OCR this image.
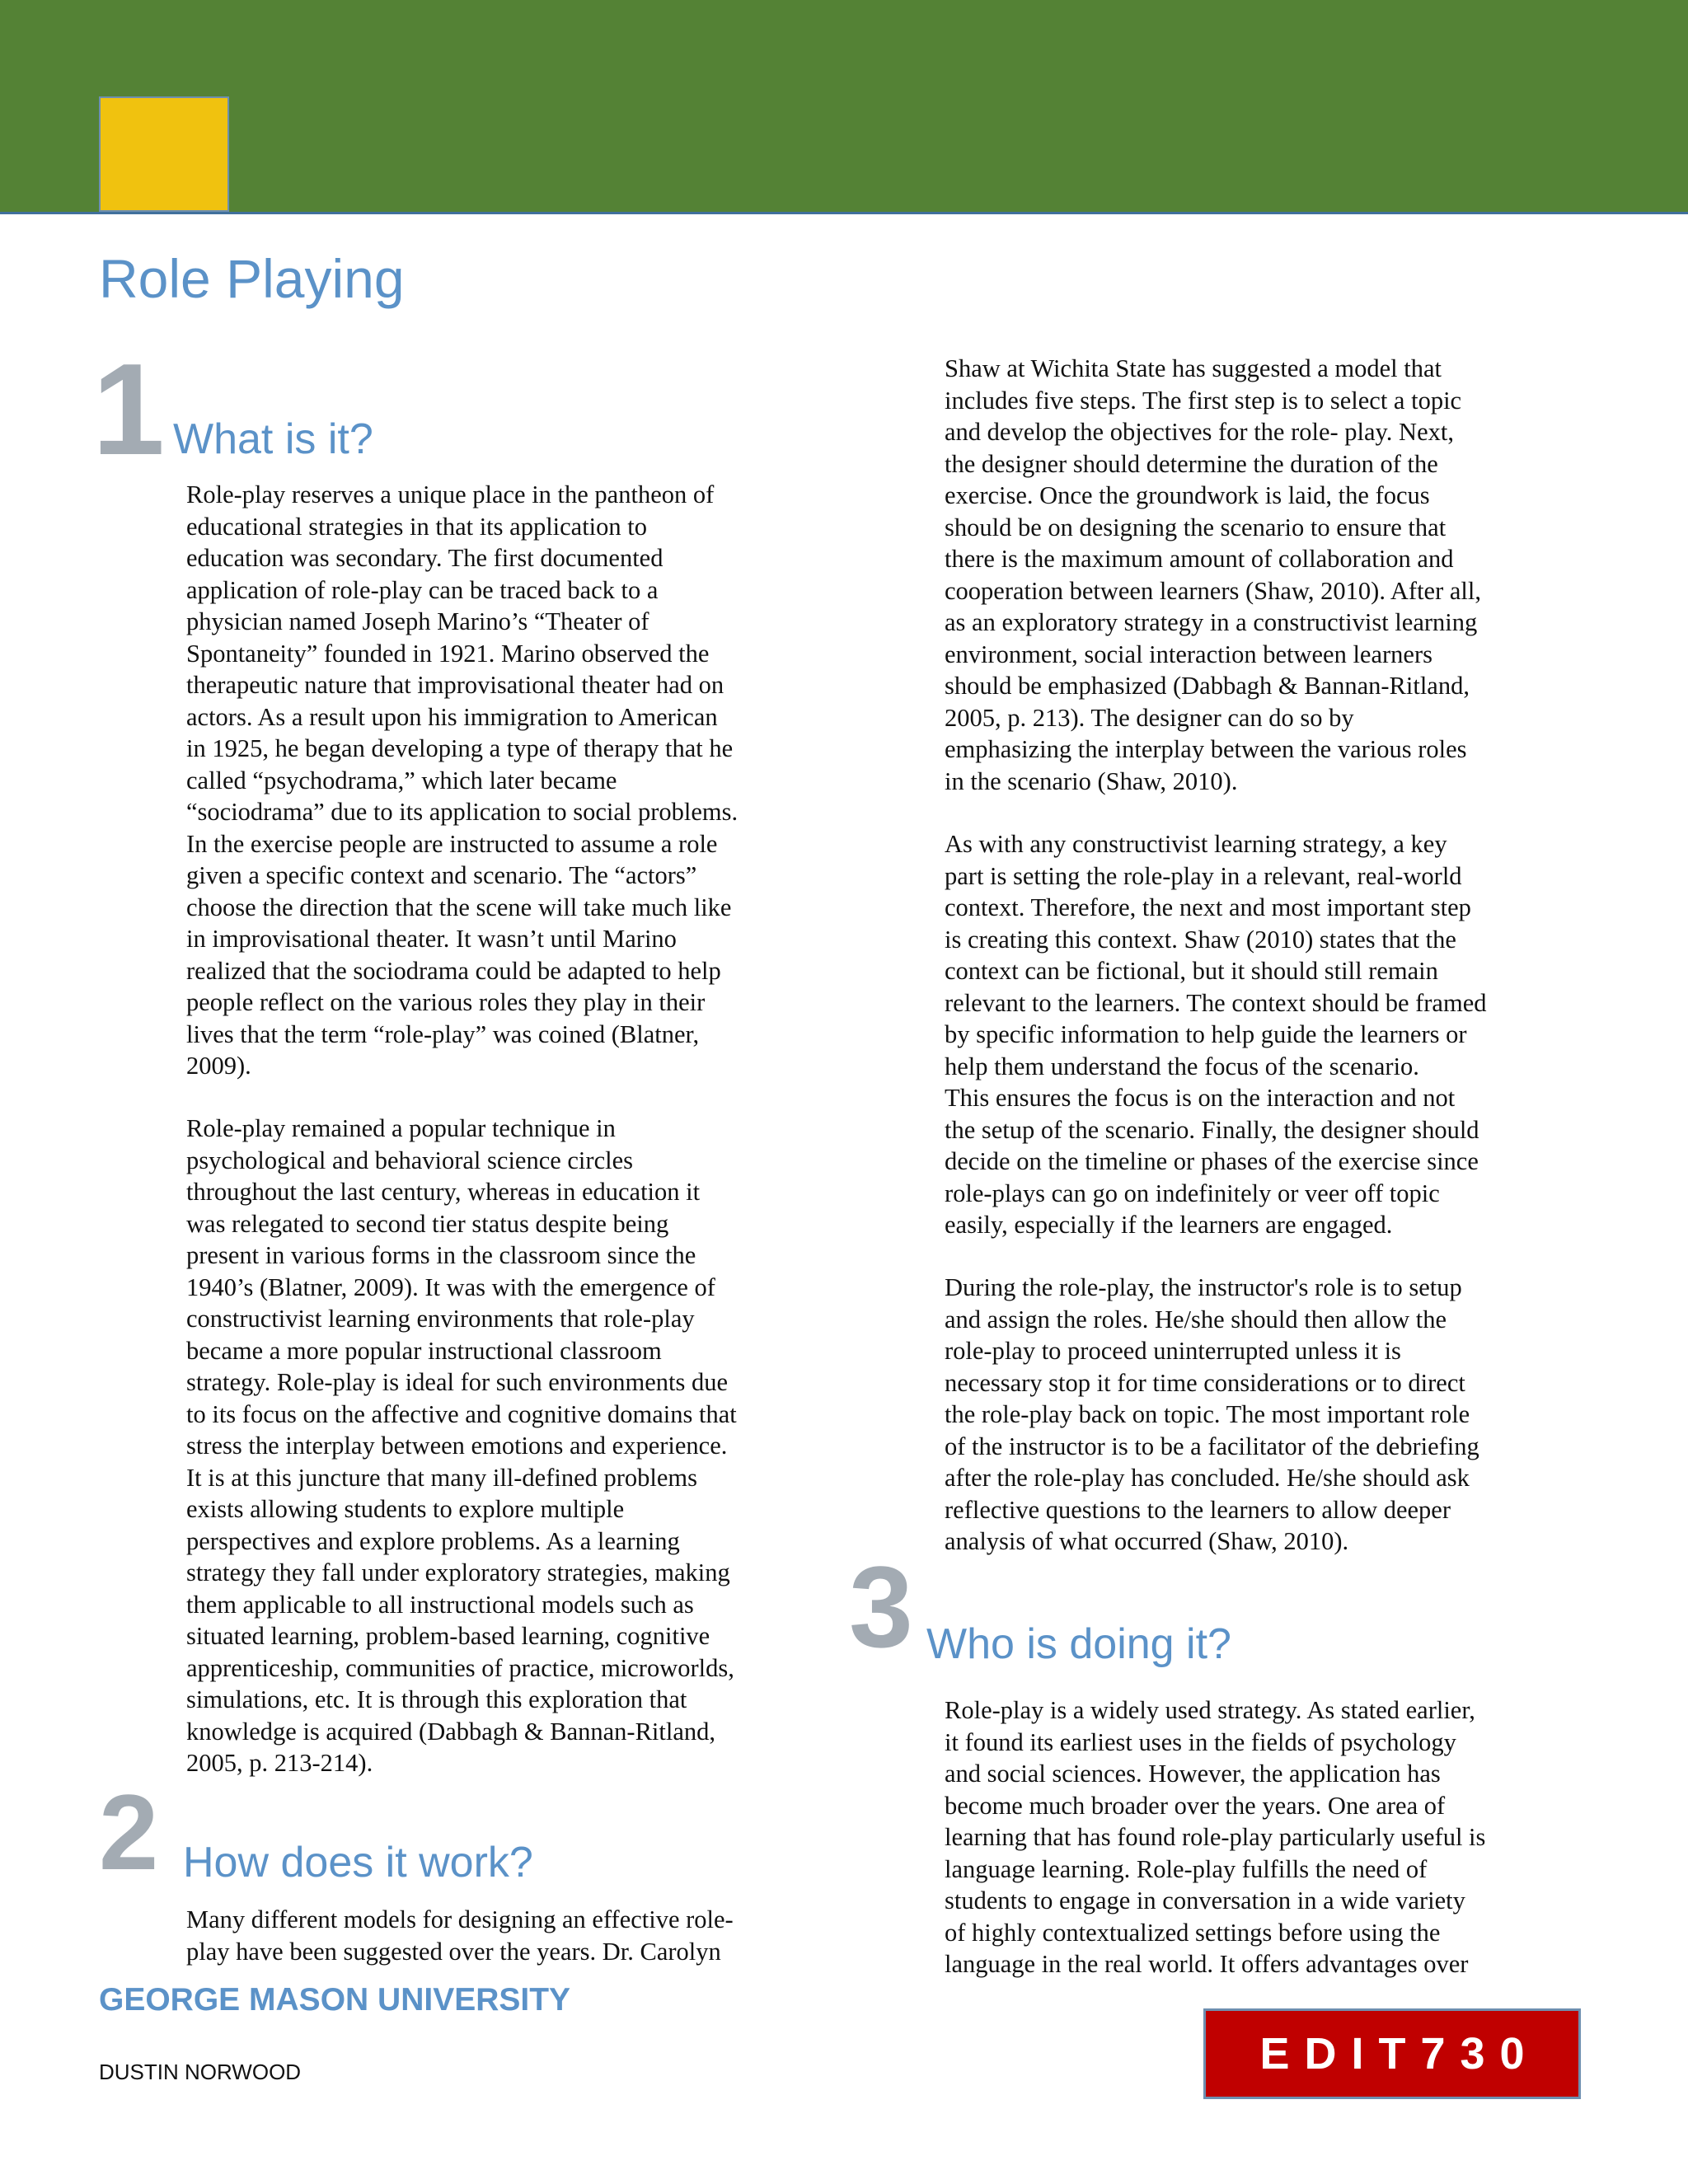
Role Playing
1 What is it?

Role-play reserves a unique place in the pantheon of
educational strategies in that its application to
education was secondary. The first documented
application of role-play can be traced back to a
physician named Joseph Marino’s “Theater of
Spontaneity” founded in 1921. Marino observed the
therapeutic nature that improvisational theater had on
actors. As a result upon his immigration to American
in 1925, he began developing a type of therapy that he
called “psychodrama,” which later became
“sociodrama” due to its application to social problems.
In the exercise people are instructed to assume a role
given a specific context and scenario. The “actors”
choose the direction that the scene will take much like
in improvisational theater. It wasn’t until Marino
realized that the sociodrama could be adapted to help
people reflect on the various roles they play in their
lives that the term “role-play” was coined (Blatner,
2009).

Role-play remained a popular technique in
psychological and behavioral science circles
throughout the last century, whereas in education it
was relegated to second tier status despite being
present in various forms in the classroom since the
1940’s (Blatner, 2009). It was with the emergence of
constructivist learning environments that role-play
became a more popular instructional classroom
strategy. Role-play is ideal for such environments due
to its focus on the affective and cognitive domains that
stress the interplay between emotions and experience.
It is at this juncture that many ill-defined problems
exists allowing students to explore multiple
perspectives and explore problems. As a learning
strategy they fall under exploratory strategies, making
them applicable to all instructional models such as
situated learning, problem-based learning, cognitive
apprenticeship, communities of practice, microworlds,
simulations, etc. It is through this exploration that
knowledge is acquired (Dabbagh & Bannan-Ritland,
2005, p. 213-214).

2 How does it work?

Many different models for designing an effective role-
play have been suggested over the years. Dr. Carolyn

Shaw at Wichita State has suggested a model that
includes five steps. The first step is to select a topic
and develop the objectives for the role- play. Next,
the designer should determine the duration of the
exercise. Once the groundwork is laid, the focus
should be on designing the scenario to ensure that
there is the maximum amount of collaboration and
cooperation between learners (Shaw, 2010). After all,
as an exploratory strategy in a constructivist learning
environment, social interaction between learners
should be emphasized (Dabbagh & Bannan-Ritland,
2005, p. 213). The designer can do so by
emphasizing the interplay between the various roles
in the scenario (Shaw, 2010).

As with any constructivist learning strategy, a key
part is setting the role-play in a relevant, real-world
context. Therefore, the next and most important step
is creating this context. Shaw (2010) states that the
context can be fictional, but it should still remain
relevant to the learners. The context should be framed
by specific information to help guide the learners or
help them understand the focus of the scenario.
This ensures the focus is on the interaction and not
the setup of the scenario. Finally, the designer should
decide on the timeline or phases of the exercise since
role-plays can go on indefinitely or veer off topic
easily, especially if the learners are engaged.

During the role-play, the instructor's role is to setup
and assign the roles. He/she should then allow the
role-play to proceed uninterrupted unless it is
necessary stop it for time considerations or to direct
the role-play back on topic. The most important role
of the instructor is to be a facilitator of the debriefing
after the role-play has concluded. He/she should ask
reflective questions to the learners to allow deeper
analysis of what occurred (Shaw, 2010).

3 Who is doing it?

Role-play is a widely used strategy. As stated earlier,
it found its earliest uses in the fields of psychology
and social sciences. However, the application has
become much broader over the years. One area of
learning that has found role-play particularly useful is
language learning. Role-play fulfills the need of
students to engage in conversation in a wide variety
of highly contextualized settings before using the
language in the real world. It offers advantages over

GEORGE MASON UNIVERSITY
DUSTIN NORWOOD	EDIT730
